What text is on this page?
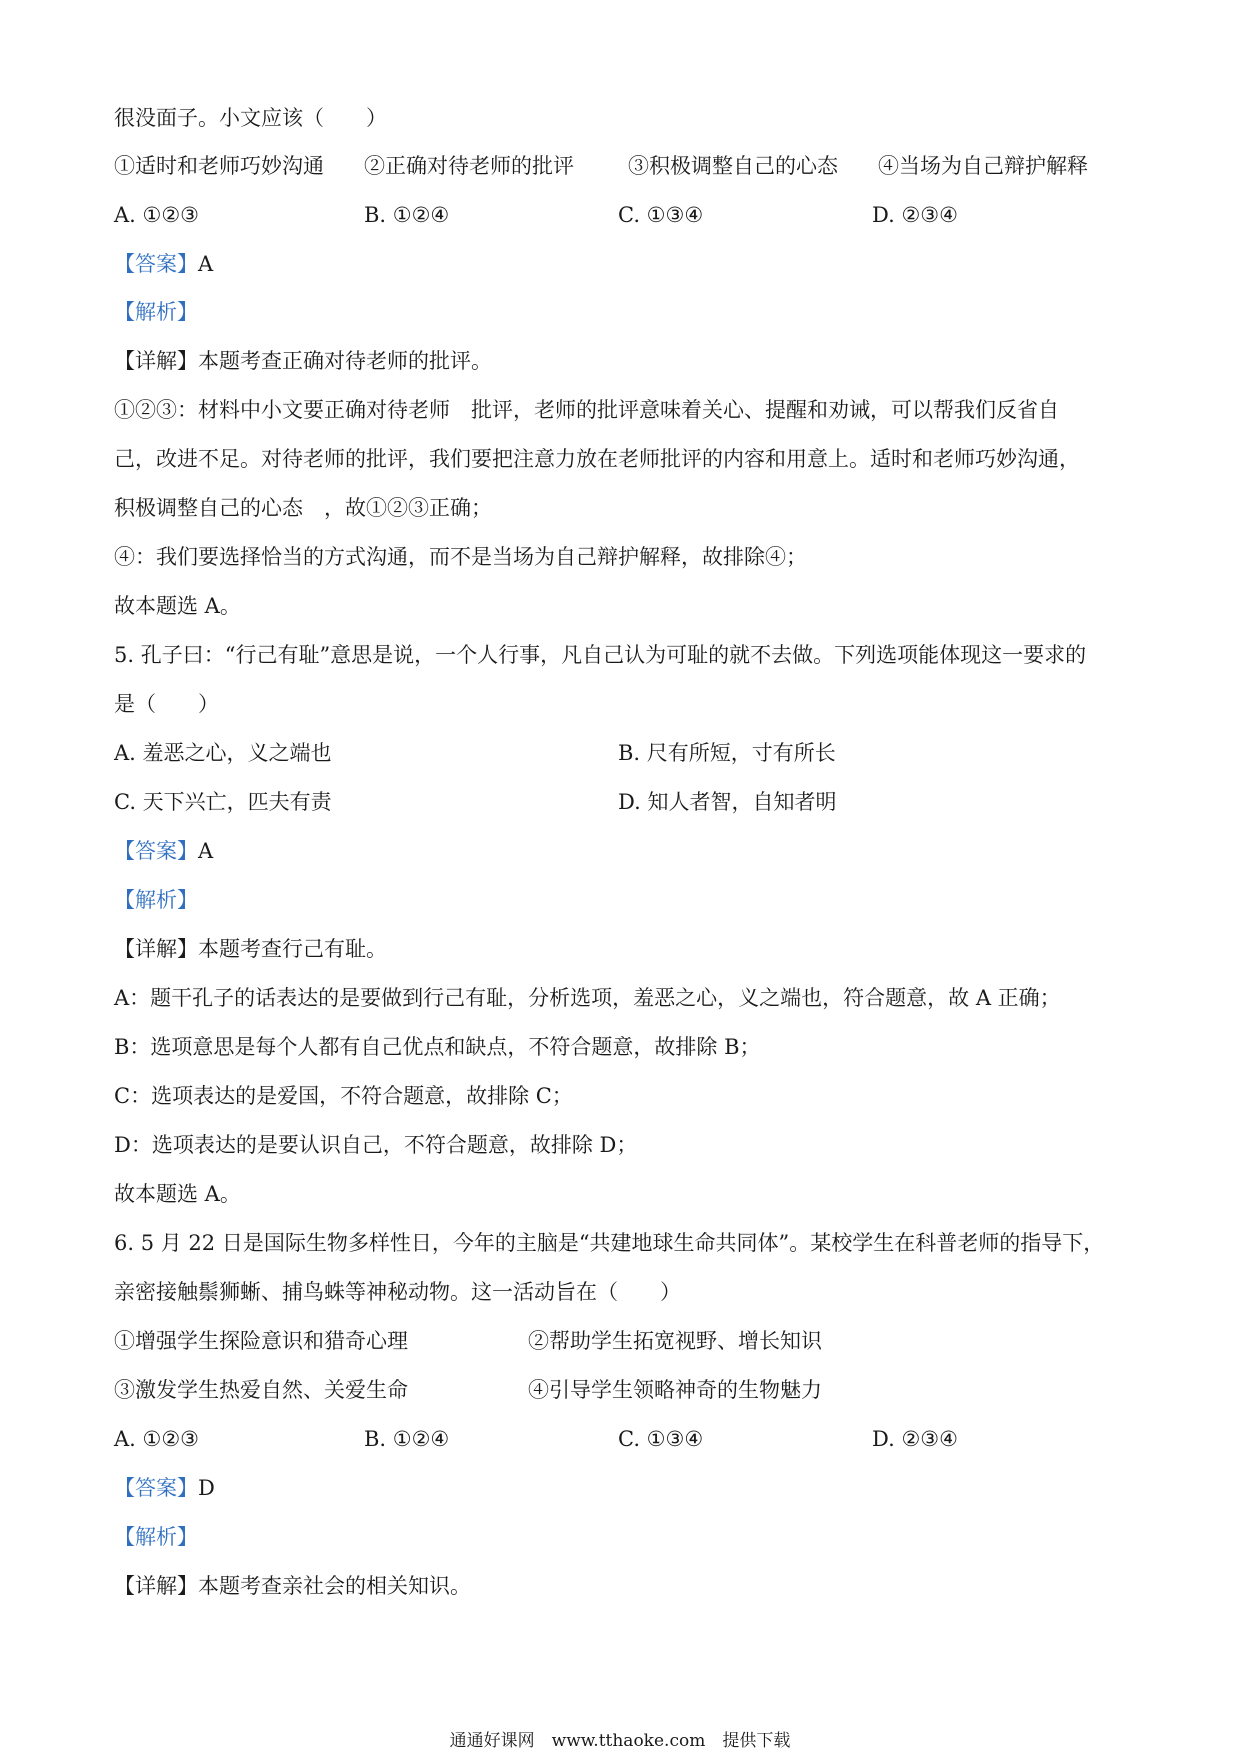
很没面子。小文应该（　　）
①适时和老师巧妙沟通 ②正确对待老师的批评	③积极调整自己的心态 ④当场为自己辩护解释
A. ①②③	B. ①②④	C. ①③④	D. ②③④
【答案】A
【解析】
【详解】本题考查正确对待老师的批评。
①②③：材料中小文要正确对待老师　批评，老师的批评意味着关心、提醒和劝诫，可以帮我们反省自
己，改进不足。对待老师的批评，我们要把注意力放在老师批评的内容和用意上。适时和老师巧妙沟通，
积极调整自己的心态　，故①②③正确；
④：我们要选择恰当的方式沟通，而不是当场为自己辩护解释，故排除④；
故本题选 A。
5. 孔子曰：“行己有耻”意思是说，一个人行事，凡自己认为可耻的就不去做。下列选项能体现这一要求的
是（　　）
A. 羞恶之心，义之端也	B. 尺有所短，寸有所长
C. 天下兴亡，匹夫有责	D. 知人者智，自知者明
【答案】A
【解析】
【详解】本题考查行己有耻。
A：题干孔子的话表达的是要做到行己有耻，分析选项，羞恶之心，义之端也，符合题意，故 A 正确；
B：选项意思是每个人都有自己优点和缺点，不符合题意，故排除 B；
C：选项表达的是爱国，不符合题意，故排除 C；
D：选项表达的是要认识自己，不符合题意，故排除 D；
故本题选 A。
6. 5 月 22 日是国际生物多样性日，今年的主脑是“共建地球生命共同体”。某校学生在科普老师的指导下，
亲密接触鬃狮蜥、捕鸟蛛等神秘动物。这一活动旨在（　　）
①增强学生探险意识和猎奇心理	②帮助学生拓宽视野、增长知识
③激发学生热爱自然、关爱生命	④引导学生领略神奇的生物魅力
A. ①②③	B. ①②④	C. ①③④	D. ②③④
【答案】D
【解析】
【详解】本题考查亲社会的相关知识。
通通好课网　www.tthaoke.com　提供下载
